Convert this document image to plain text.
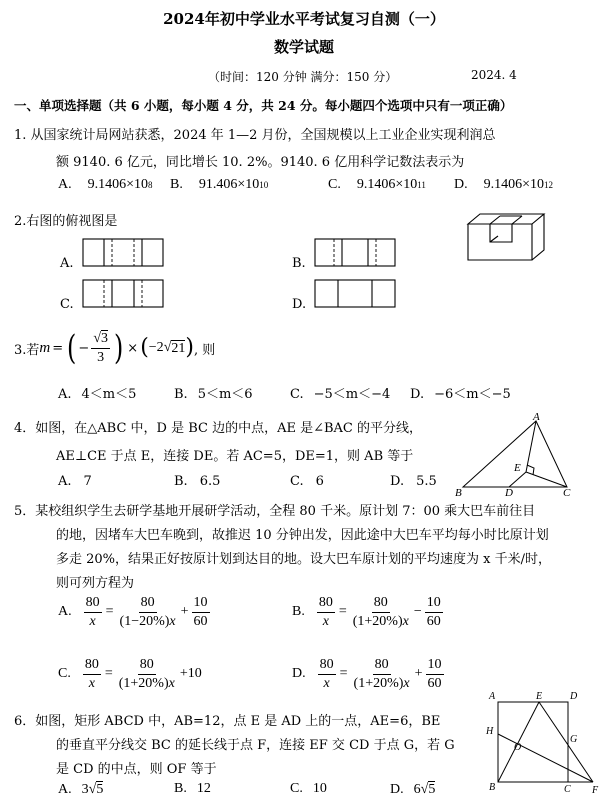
2024年初中学业水平考试复习自测（一）
数学试题
（时间：120 分钟 满分：150 分）	2024. 4
一、单项选择题（共 6 小题，每小题 4 分，共 24 分。每小题四个选项中只有一项正确）
1. 从国家统计局网站获悉，2024 年 1—2 月份，全国规模以上工业企业实现利润总
额 9140. 6 亿元，同比增长 10. 2%。9140. 6 亿用科学记数法表示为
A. 9.1406×10 8 B. 91.406×10 10	C. 9.1406×10 11 D. 9.1406×10 12
2.右图的俯视图是
A.	B.
C.	D.
3.若 m = ( − $\frac{√3}{3}$ ) × ( −2 √ 21 ) , 则
A. 4＜m＜5	B. 5＜m＜6	C. −5＜m＜−4 D. −6＜m＜−5
4．如图，在△ABC 中，D 是 BC 边的中点，AE 是∠BAC 的平分线，
AE⊥CE 于点 E，连接 DE。若 AC=5，DE=1，则 AB 等于
A. 7	B. 6.5	C. 6	D. 5.5
A
B	C
D
E
5．某校组织学生去研学基地开展研学活动，全程 80 千米。原计划 7：00 乘大巴车前往目
的地，因堵车大巴车晚到，故推迟 10 分钟出发，因此途中大巴车平均每小时比原计划
多走 20%，结果正好按原计划到达目的地。设大巴车原计划的平均速度为 x 千米/时，
则可列方程为
A. $\frac{80}{x} = \frac{80}{(1-20\%)x} + \frac{10}{60}$	B. $\frac{80}{x} = \frac{80}{(1+20\%)x} - \frac{10}{60}$
C. $\frac{80}{x} = \frac{80}{(1+20\%)x} +10$	D. $\frac{80}{x} = \frac{80}{(1+20\%)x} + \frac{10}{60}$
6．如图，矩形 ABCD 中，AB=12，点 E 是 AD 上的一点，AE=6，BE
的垂直平分线交 BC 的延长线于点 F，连接 EF 交 CD 于点 G，若 G
是 CD 的中点，则 OF 等于
A. 3 √ 5	B. 12	C. 10	D. 6 √ 5
A
B	C
D
E
F
G
H
O
